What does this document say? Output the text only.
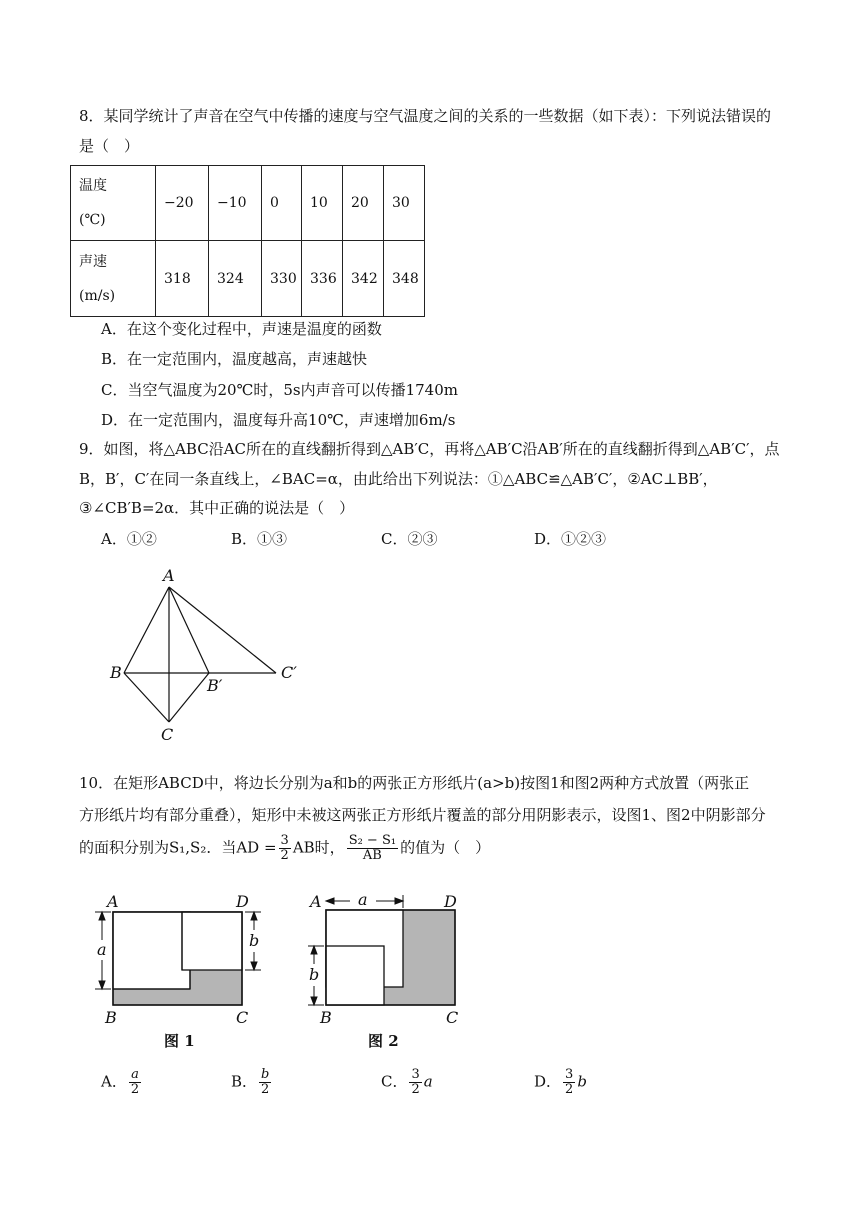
8．某同学统计了声音在空气中传播的速度与空气温度之间的关系的一些数据（如下表）：下列说法错误的
是（　）
温度
(℃)	−20	−10	0	10	20	30

声速
(m/s)	318	324	330	336	342	348
A．在这个变化过程中，声速是温度的函数
B．在一定范围内，温度越高，声速越快
C．当空气温度为20℃时，5s内声音可以传播1740m
D．在一定范围内，温度每升高10℃，声速增加6m/s
9．如图，将△ABC沿AC所在的直线翻折得到△AB′C，再将△AB′C沿AB′所在的直线翻折得到△AB′C′，点
B，B′，C′在同一条直线上，∠BAC=α，由此给出下列说法：①△ABC≌△AB′C′，②AC⊥BB′，
③∠CB′B=2α．其中正确的说法是（　）
A．①②	B．①③	C．②③	D．①②③
A
B
B′
C′
C
10．在矩形ABCD中，将边长分别为a和b的两张正方形纸片(a>b)按图1和图2两种方式放置（两张正
方形纸片均有部分重叠），矩形中未被这两张正方形纸片覆盖的部分用阴影表示，设图1、图2中阴影部分
的面积分别为S₁,S₂．当AD = $\frac{3}{2}$ AB时， $\frac{\text{S₂ − S₁}}{AB}$ 的值为（　）
A	D
B	C
a	b
图 1
A	D
B	C
a
b
图 2
A． $\frac{a}{2}$	B． $\frac{b}{2}$	C． $\frac{3}{2}$ a	D． $\frac{3}{2}$ b
